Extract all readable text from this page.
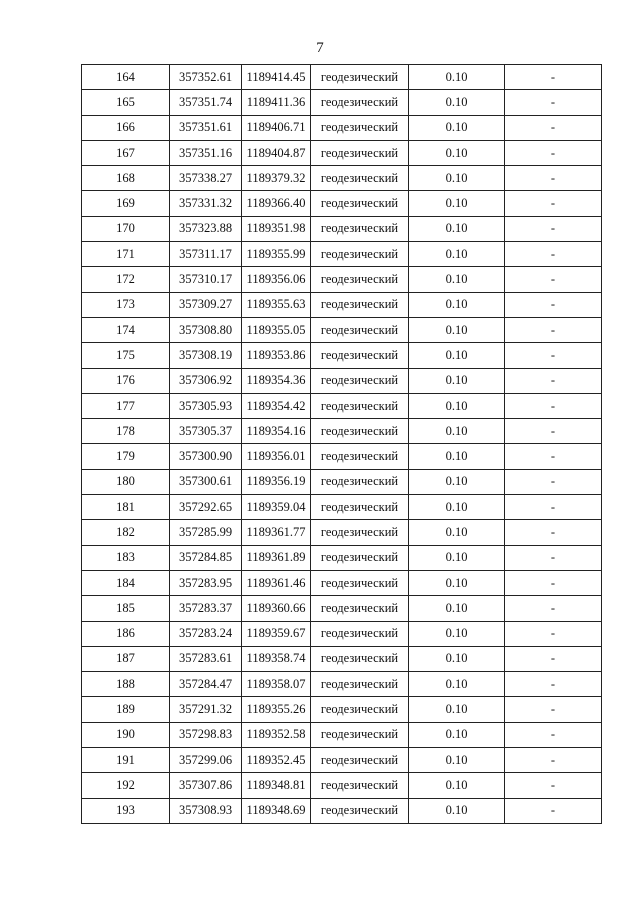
7
164	357352.61	1189414.45	геодезический	0.10	-
165	357351.74	1189411.36	геодезический	0.10	-
166	357351.61	1189406.71	геодезический	0.10	-
167	357351.16	1189404.87	геодезический	0.10	-
168	357338.27	1189379.32	геодезический	0.10	-
169	357331.32	1189366.40	геодезический	0.10	-
170	357323.88	1189351.98	геодезический	0.10	-
171	357311.17	1189355.99	геодезический	0.10	-
172	357310.17	1189356.06	геодезический	0.10	-
173	357309.27	1189355.63	геодезический	0.10	-
174	357308.80	1189355.05	геодезический	0.10	-
175	357308.19	1189353.86	геодезический	0.10	-
176	357306.92	1189354.36	геодезический	0.10	-
177	357305.93	1189354.42	геодезический	0.10	-
178	357305.37	1189354.16	геодезический	0.10	-
179	357300.90	1189356.01	геодезический	0.10	-
180	357300.61	1189356.19	геодезический	0.10	-
181	357292.65	1189359.04	геодезический	0.10	-
182	357285.99	1189361.77	геодезический	0.10	-
183	357284.85	1189361.89	геодезический	0.10	-
184	357283.95	1189361.46	геодезический	0.10	-
185	357283.37	1189360.66	геодезический	0.10	-
186	357283.24	1189359.67	геодезический	0.10	-
187	357283.61	1189358.74	геодезический	0.10	-
188	357284.47	1189358.07	геодезический	0.10	-
189	357291.32	1189355.26	геодезический	0.10	-
190	357298.83	1189352.58	геодезический	0.10	-
191	357299.06	1189352.45	геодезический	0.10	-
192	357307.86	1189348.81	геодезический	0.10	-
193	357308.93	1189348.69	геодезический	0.10	-
